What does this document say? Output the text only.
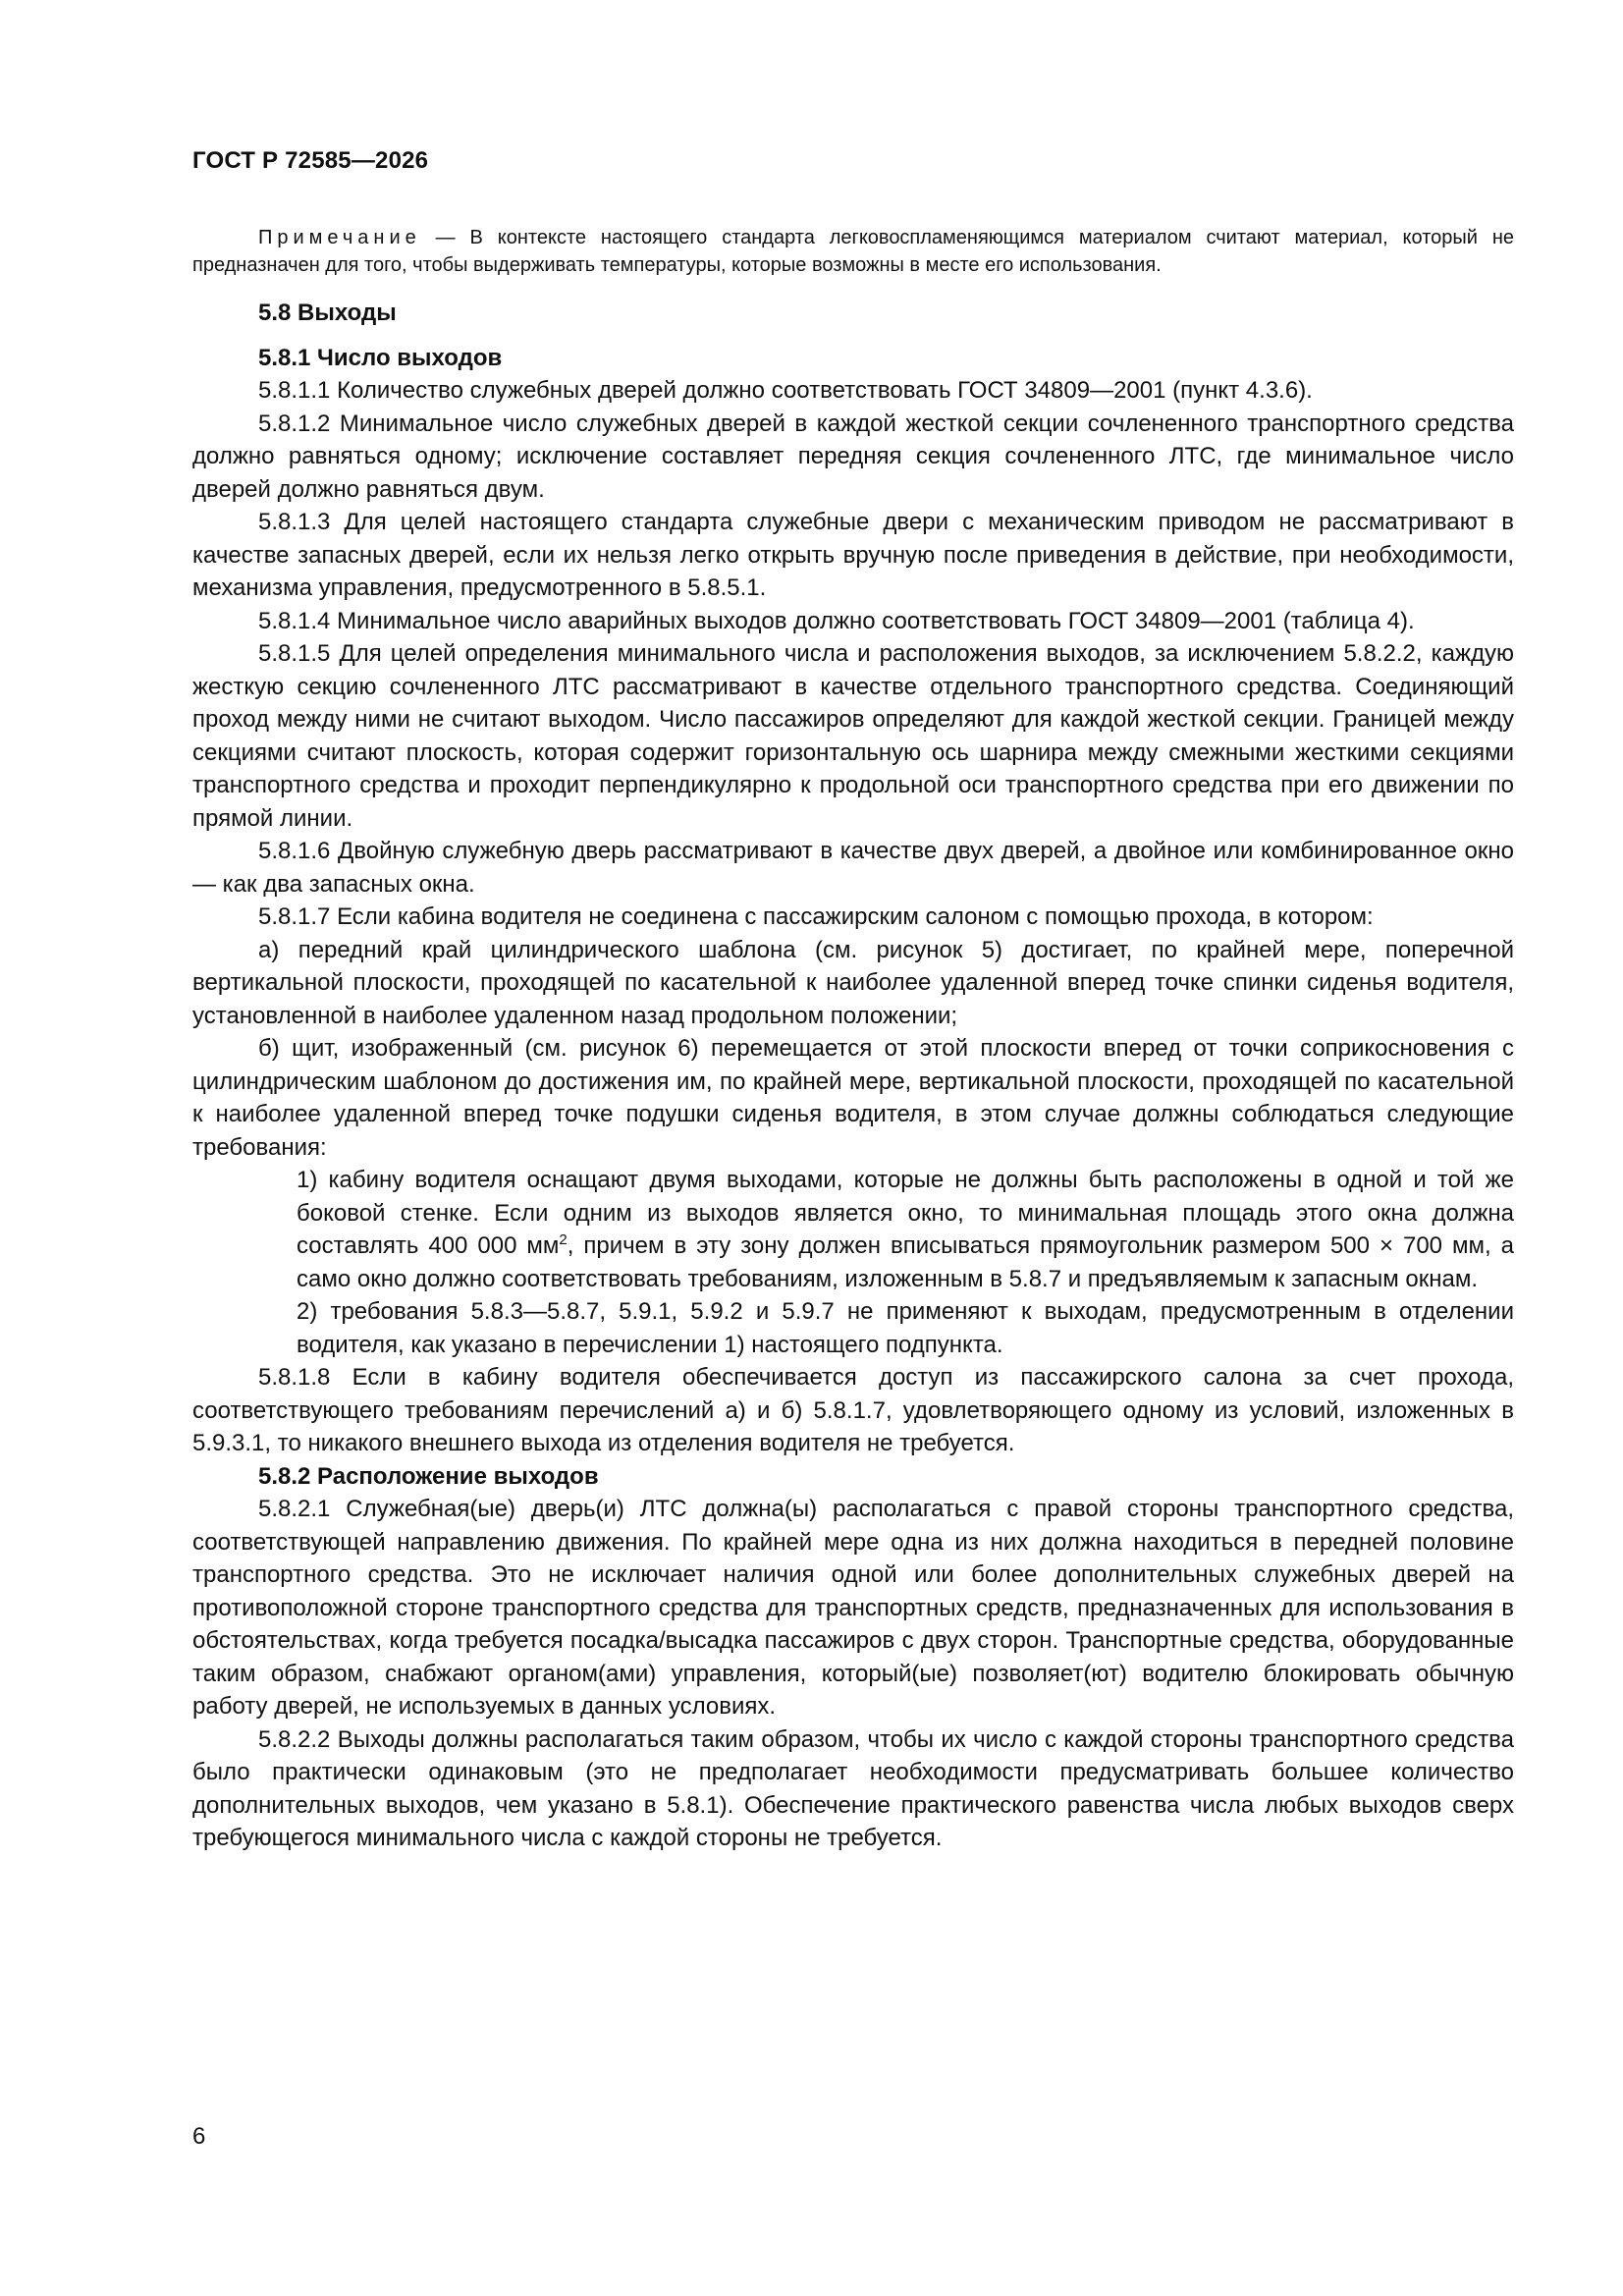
ГОСТ Р 72585—2026

Примечание — В контексте настоящего стандарта легковоспламеняющимся материалом считают материал, который не предназначен для того, чтобы выдерживать температуры, которые возможны в месте его использования.

5.8 Выходы
5.8.1 Число выходов

5.8.1.1 Количество служебных дверей должно соответствовать ГОСТ 34809—2001 (пункт 4.3.6).

5.8.1.2 Минимальное число служебных дверей в каждой жесткой секции сочлененного транспортного средства должно равняться одному; исключение составляет передняя секция сочлененного ЛТС, где минимальное число дверей должно равняться двум.

5.8.1.3 Для целей настоящего стандарта служебные двери с механическим приводом не рассматривают в качестве запасных дверей, если их нельзя легко открыть вручную после приведения в действие, при необходимости, механизма управления, предусмотренного в 5.8.5.1.

5.8.1.4 Минимальное число аварийных выходов должно соответствовать ГОСТ 34809—2001 (таблица 4).

5.8.1.5 Для целей определения минимального числа и расположения выходов, за исключением 5.8.2.2, каждую жесткую секцию сочлененного ЛТС рассматривают в качестве отдельного транспортного средства. Соединяющий проход между ними не считают выходом. Число пассажиров определяют для каждой жесткой секции. Границей между секциями считают плоскость, которая содержит горизонтальную ось шарнира между смежными жесткими секциями транспортного средства и проходит перпендикулярно к продольной оси транспортного средства при его движении по прямой линии.

5.8.1.6 Двойную служебную дверь рассматривают в качестве двух дверей, а двойное или комбинированное окно — как два запасных окна.

5.8.1.7 Если кабина водителя не соединена с пассажирским салоном с помощью прохода, в котором:

а) передний край цилиндрического шаблона (см. рисунок 5) достигает, по крайней мере, поперечной вертикальной плоскости, проходящей по касательной к наиболее удаленной вперед точке спинки сиденья водителя, установленной в наиболее удаленном назад продольном положении;

б) щит, изображенный (см. рисунок 6) перемещается от этой плоскости вперед от точки соприкосновения с цилиндрическим шаблоном до достижения им, по крайней мере, вертикальной плоскости, проходящей по касательной к наиболее удаленной вперед точке подушки сиденья водителя, в этом случае должны соблюдаться следующие требования:

1) кабину водителя оснащают двумя выходами, которые не должны быть расположены в одной и той же боковой стенке. Если одним из выходов является окно, то минимальная площадь этого окна должна составлять 400 000 $мм^2$, причем в эту зону должен вписываться прямоугольник размером 500 × 700 мм, а само окно должно соответствовать требованиям, изложенным в 5.8.7 и предъявляемым к запасным окнам.

2) требования 5.8.3—5.8.7, 5.9.1, 5.9.2 и 5.9.7 не применяют к выходам, предусмотренным в отделении водителя, как указано в перечислении 1) настоящего подпункта.

5.8.1.8 Если в кабину водителя обеспечивается доступ из пассажирского салона за счет прохода, соответствующего требованиям перечислений а) и б) 5.8.1.7, удовлетворяющего одному из условий, изложенных в 5.9.3.1, то никакого внешнего выхода из отделения водителя не требуется.

5.8.2 Расположение выходов

5.8.2.1 Служебная(ые) дверь(и) ЛТС должна(ы) располагаться с правой стороны транспортного средства, соответствующей направлению движения. По крайней мере одна из них должна находиться в передней половине транспортного средства. Это не исключает наличия одной или более дополнительных служебных дверей на противоположной стороне транспортного средства для транспортных средств, предназначенных для использования в обстоятельствах, когда требуется посадка/высадка пассажиров с двух сторон. Транспортные средства, оборудованные таким образом, снабжают органом(ами) управления, который(ые) позволяет(ют) водителю блокировать обычную работу дверей, не используемых в данных условиях.

5.8.2.2 Выходы должны располагаться таким образом, чтобы их число с каждой стороны транспортного средства было практически одинаковым (это не предполагает необходимости предусматривать большее количество дополнительных выходов, чем указано в 5.8.1). Обеспечение практического равенства числа любых выходов сверх требующегося минимального числа с каждой стороны не требуется.

6
